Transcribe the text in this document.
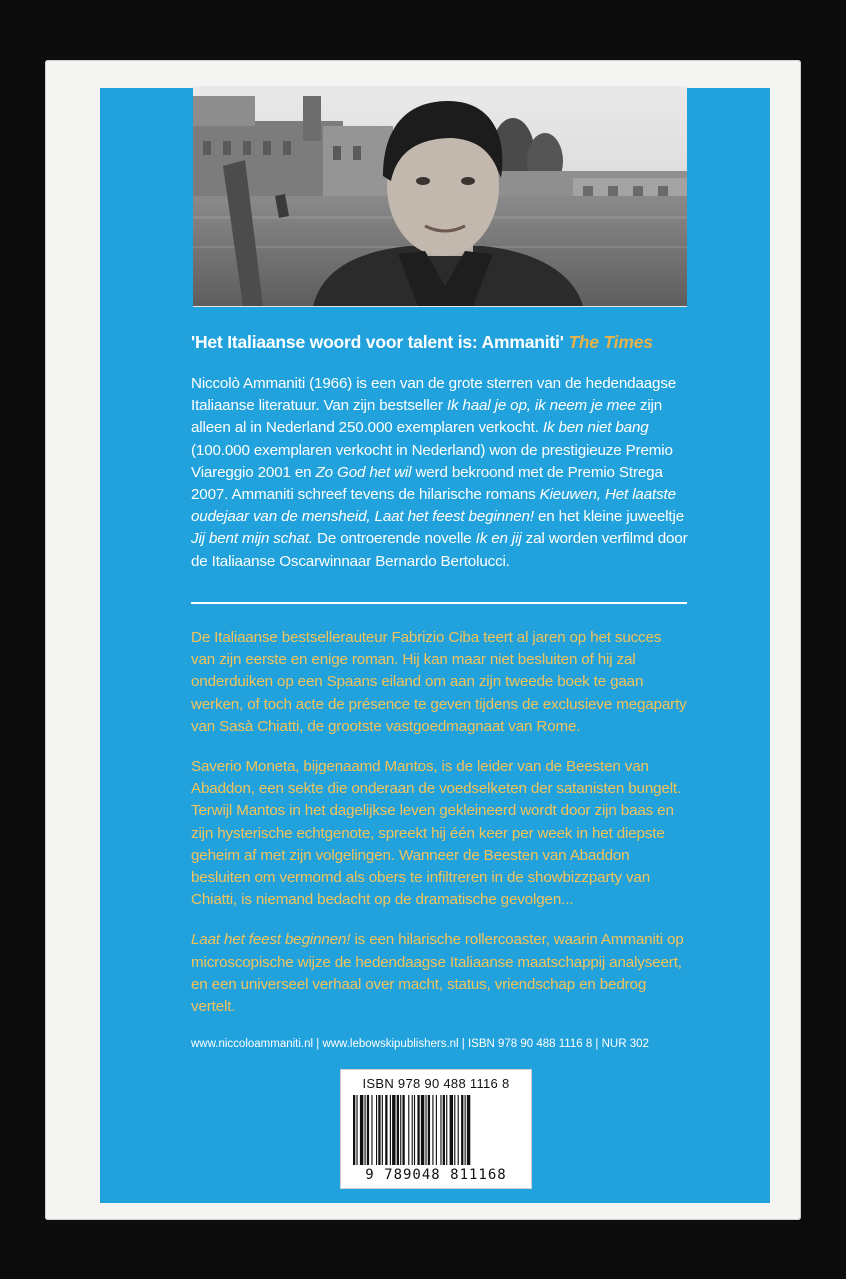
'Het Italiaanse woord voor talent is: Ammaniti' The Times

Niccolò Ammaniti (1966) is een van de grote sterren van de hedendaagse Italiaanse literatuur. Van zijn bestseller Ik haal je op, ik neem je mee zijn alleen al in Nederland 250.000 exemplaren verkocht. Ik ben niet bang (100.000 exemplaren verkocht in Nederland) won de prestigieuze Premio Viareggio 2001 en Zo God het wil werd bekroond met de Premio Strega 2007. Ammaniti schreef tevens de hilarische romans Kieuwen, Het laatste oudejaar van de mensheid, Laat het feest beginnen! en het kleine juweeltje Jij bent mijn schat. De ontroerende novelle Ik en jij zal worden verfilmd door de Italiaanse Oscarwinnaar Bernardo Bertolucci.

De Italiaanse bestsellerauteur Fabrizio Ciba teert al jaren op het succes van zijn eerste en enige roman. Hij kan maar niet besluiten of hij zal onderduiken op een Spaans eiland om aan zijn tweede boek te gaan werken, of toch acte de présence te geven tijdens de exclusieve megaparty van Sasà Chiatti, de grootste vastgoedmagnaat van Rome.

Saverio Moneta, bijgenaamd Mantos, is de leider van de Beesten van Abaddon, een sekte die onderaan de voedselketen der satanisten bungelt. Terwijl Mantos in het dagelijkse leven gekleineerd wordt door zijn baas en zijn hysterische echtgenote, spreekt hij één keer per week in het diepste geheim af met zijn volgelingen. Wanneer de Beesten van Abaddon besluiten om vermomd als obers te infiltreren in de showbizzparty van Chiatti, is niemand bedacht op de dramatische gevolgen...

Laat het feest beginnen! is een hilarische rollercoaster, waarin Ammaniti op microscopische wijze de hedendaagse Italiaanse maatschappij analyseert, en een universeel verhaal over macht, status, vriendschap en bedrog vertelt.

www.niccoloammaniti.nl | www.lebowskipublishers.nl | ISBN 978 90 488 1116 8 | NUR 302
ISBN 978 90 488 1116 8
9 789048 811168
